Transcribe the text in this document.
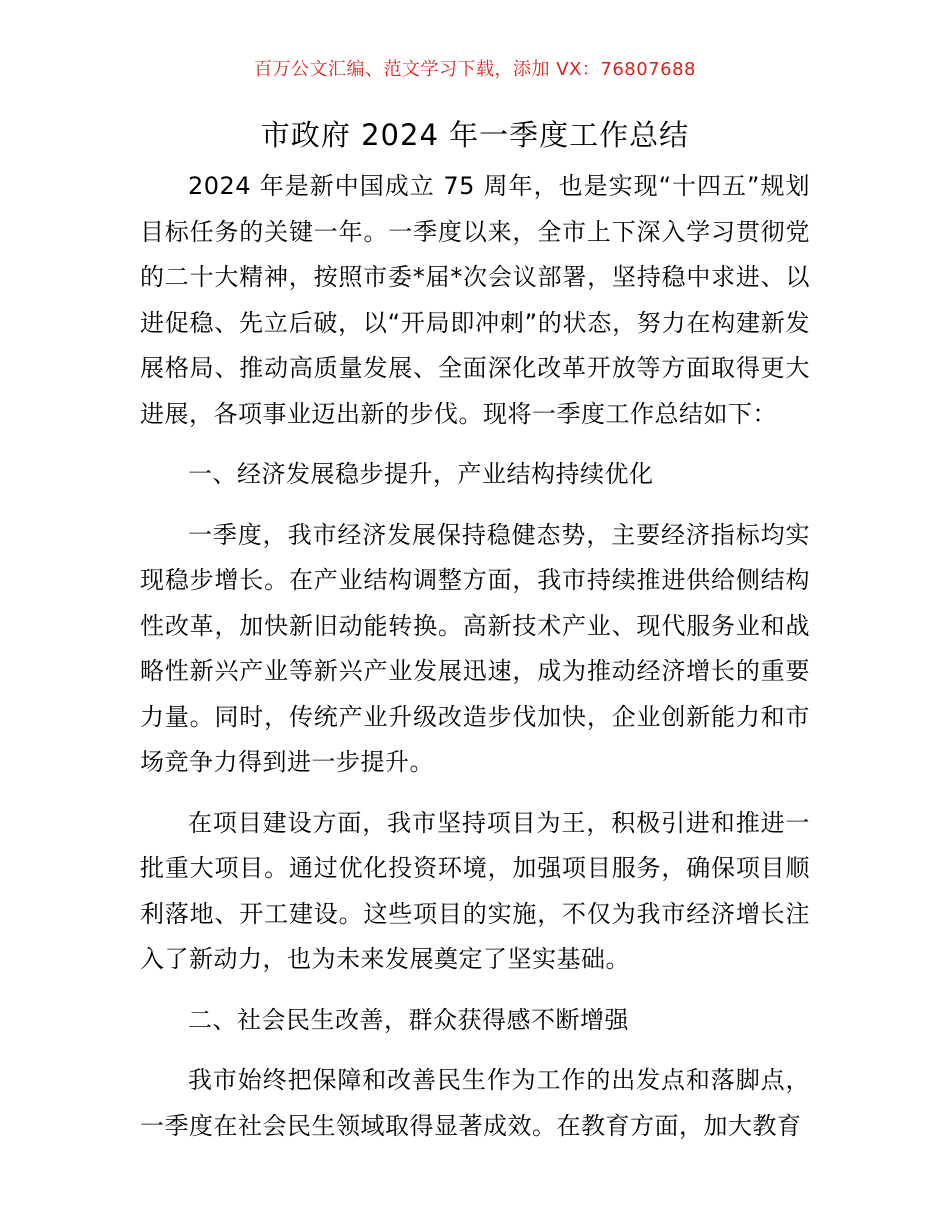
百万公文汇编、范文学习下载，添加 VX：76807688
市政府 2024 年一季度工作总结

2024 年是新中国成立 75 周年，也是实现“十四五”规划目标任务的关键一年。一季度以来，全市上下深入学习贯彻党的二十大精神，按照市委*届*次会议部署，坚持稳中求进、以进促稳、先立后破，以“开局即冲刺”的状态，努力在构建新发展格局、推动高质量发展、全面深化改革开放等方面取得更大进展，各项事业迈出新的步伐。现将一季度工作总结如下：

一、经济发展稳步提升，产业结构持续优化

一季度，我市经济发展保持稳健态势，主要经济指标均实现稳步增长。在产业结构调整方面，我市持续推进供给侧结构性改革，加快新旧动能转换。高新技术产业、现代服务业和战略性新兴产业等新兴产业发展迅速，成为推动经济增长的重要力量。同时，传统产业升级改造步伐加快，企业创新能力和市场竞争力得到进一步提升。

在项目建设方面，我市坚持项目为王，积极引进和推进一批重大项目。通过优化投资环境，加强项目服务，确保项目顺利落地、开工建设。这些项目的实施，不仅为我市经济增长注入了新动力，也为未来发展奠定了坚实基础。

二、社会民生改善，群众获得感不断增强

我市始终把保障和改善民生作为工作的出发点和落脚点，一季度在社会民生领域取得显著成效。在教育方面，加大教育
